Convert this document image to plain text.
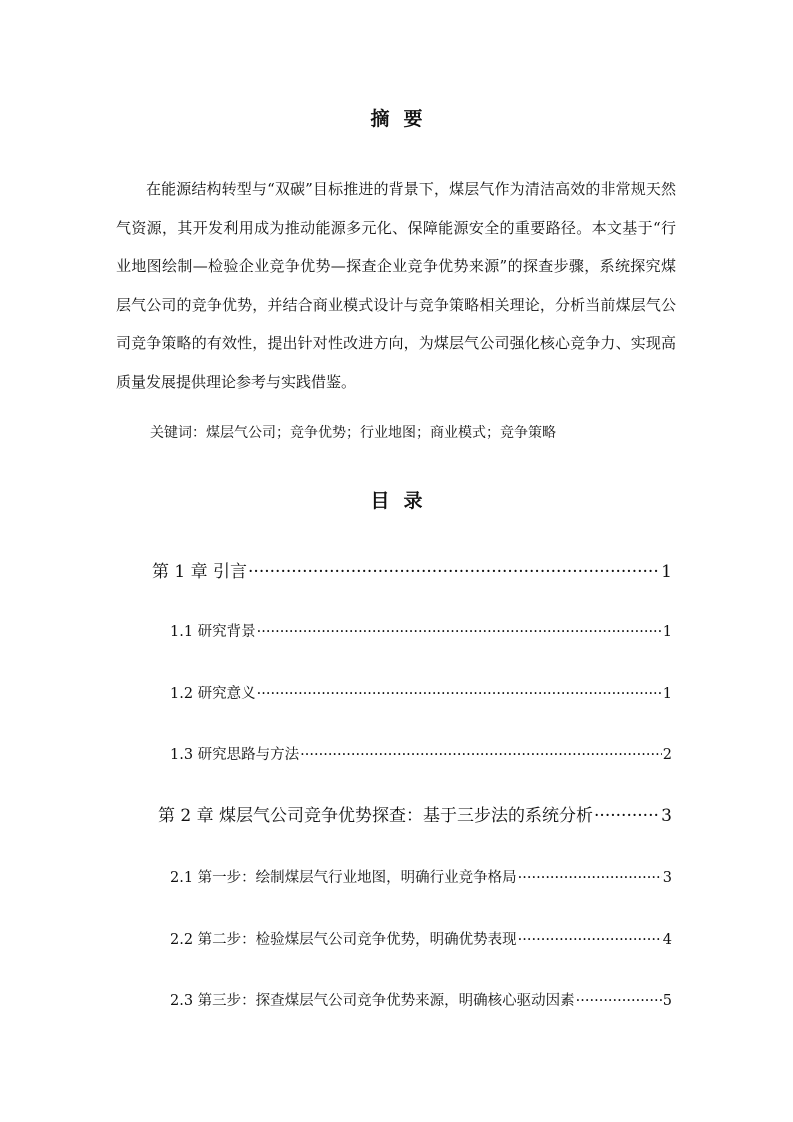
摘要
在能源结构转型与“双碳”目标推进的背景下，煤层气作为清洁高效的非常规天然气资源，其开发利用成为推动能源多元化、保障能源安全的重要路径。本文基于“行业地图绘制—检验企业竞争优势—探查企业竞争优势来源”的探查步骤，系统探究煤层气公司的竞争优势，并结合商业模式设计与竞争策略相关理论，分析当前煤层气公司竞争策略的有效性，提出针对性改进方向，为煤层气公司强化核心竞争力、实现高质量发展提供理论参考与实践借鉴。
关键词：煤层气公司；竞争优势；行业地图；商业模式；竞争策略
目录
第 1 章 引言 ·····	1
1.1 研究背景 ·····	1
1.2 研究意义 ·····	1
1.3 研究思路与方法 ·····	2
第 2 章 煤层气公司竞争优势探查：基于三步法的系统分析 ·····	3
2.1 第一步：绘制煤层气行业地图，明确行业竞争格局 ·····	3
2.2 第二步：检验煤层气公司竞争优势，明确优势表现 ·····	4
2.3 第三步：探查煤层气公司竞争优势来源，明确核心驱动因素 ·····	5
